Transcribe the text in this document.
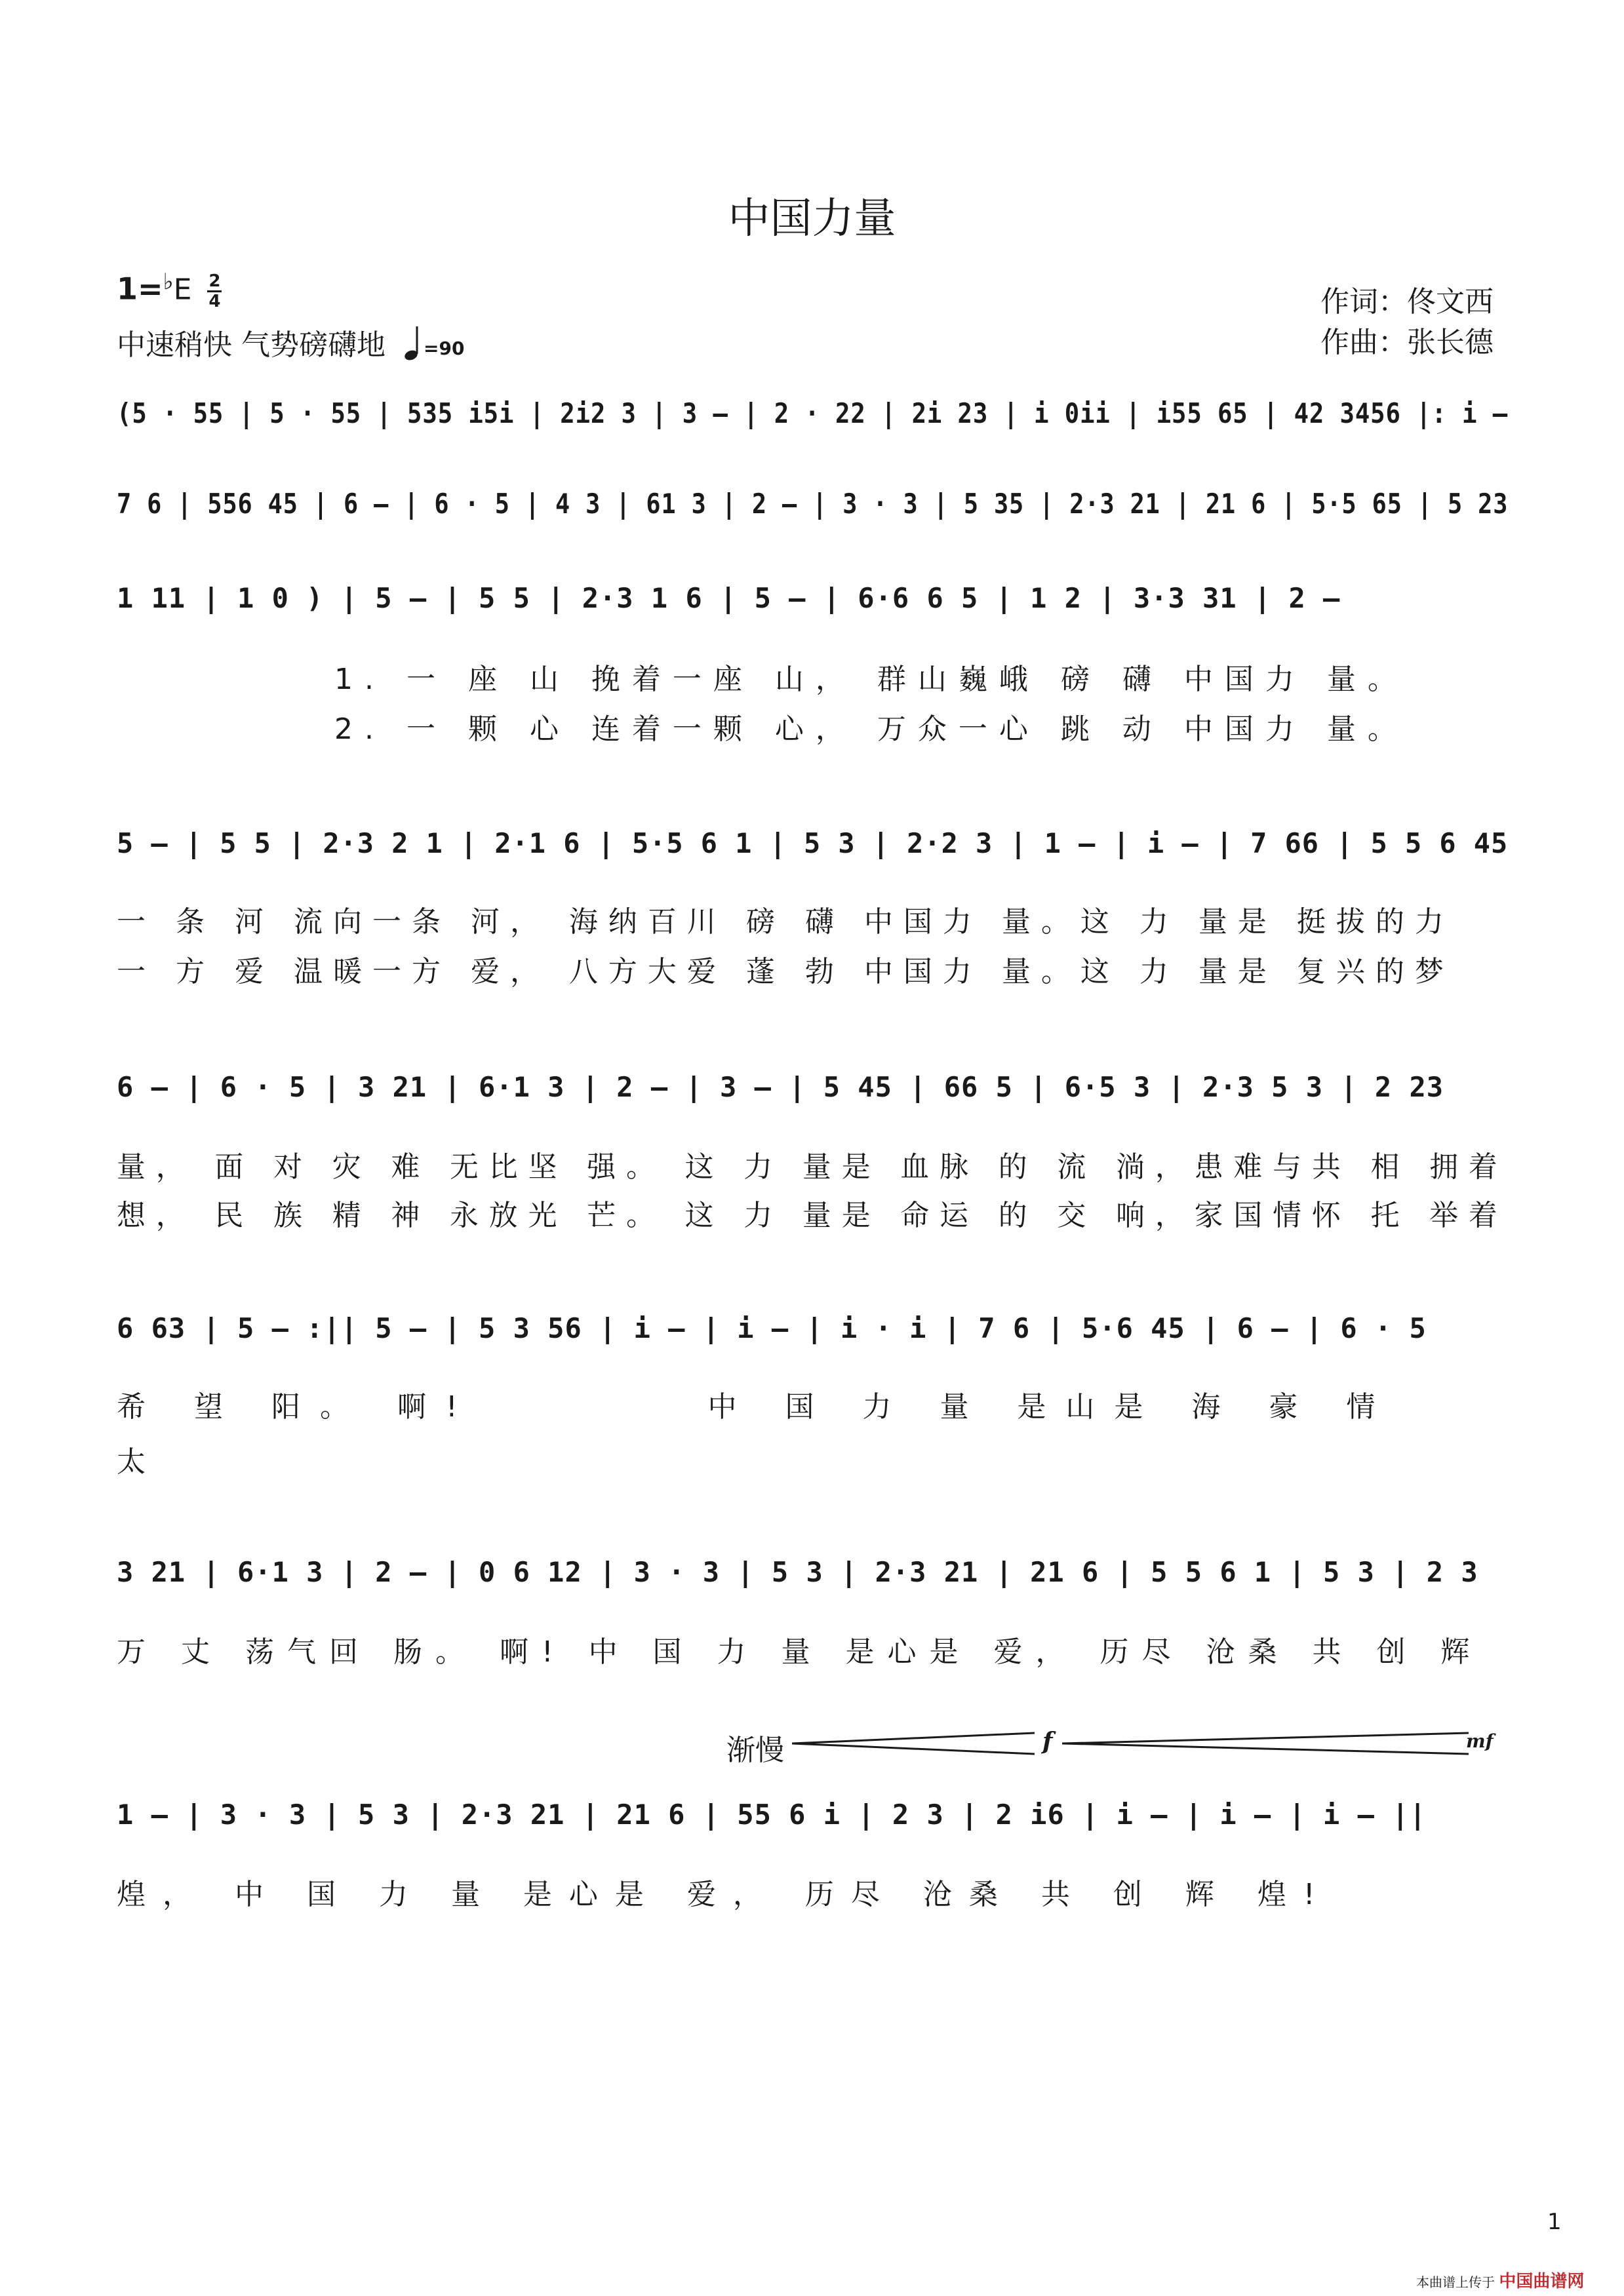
中国力量
$1=^♭E \frac{2}{4}$
中速稍快 气势磅礴地 =90
作词：佟文西
作曲：张长德
(5 · 55 | 5 · 55 | 535 i5i | 2i2 3 | 3 – | 2 · 22 | 2i 23 | i 0ii | i55 65 | 42 3456 |: i –
7 6 | 556 45 | 6 – | 6 · 5 | 4 3 | 61 3 | 2 – | 3 · 3 | 5 35 | 2·3 21 | 21 6 | 5·5 65 | 5 23
1 11 | 1 0 ) | 5 – | 5 5 | 2·3 1 6 | 5 – | 6·6 6 5 | 1 2 | 3·3 31 | 2 –
1. 一 座 山 挽着一座 山， 群山巍峨 磅 礴 中国力 量。
2. 一 颗 心 连着一颗 心， 万众一心 跳 动 中国力 量。
5 – | 5 5 | 2·3 2 1 | 2·1 6 | 5·5 6 1 | 5 3 | 2·2 3 | 1 – | i – | 7 66 | 5 5 6 45
一 条 河 流向一条 河， 海纳百川 磅 礴 中国力 量。这 力 量是 挺拔的力
一 方 爱 温暖一方 爱， 八方大爱 蓬 勃 中国力 量。这 力 量是 复兴的梦
6 – | 6 · 5 | 3 21 | 6·1 3 | 2 – | 3 – | 5 45 | 66 5 | 6·5 3 | 2·3 5 3 | 2 23
量， 面 对 灾 难 无比坚 强。 这 力 量是 血脉 的 流 淌，患难与共 相 拥着
想， 民 族 精 神 永放光 芒。 这 力 量是 命运 的 交 响，家国情怀 托 举着
6 63 | 5 – :|| 5 – | 5 3 56 | i – | i – | i · i | 7 6 | 5·6 45 | 6 – | 6 · 5
希 望 阳。 啊!        中 国 力 量 是山是 海 豪 情
太
3 21 | 6·1 3 | 2 – | 0 6 12 | 3 · 3 | 5 3 | 2·3 21 | 21 6 | 5 5 6 1 | 5 3 | 2 3
万 丈 荡气回 肠。 啊! 中 国 力 量 是心是 爱， 历尽 沧桑 共 创 辉
渐慢	f	mf
1 – | 3 · 3 | 5 3 | 2·3 21 | 21 6 | 55 6 i | 2 3 | 2 i6 | i – | i – | i – ||
煌， 中 国 力 量 是心是 爱， 历尽 沧桑 共 创 辉 煌!
1
本曲谱上传于 中国曲谱网
